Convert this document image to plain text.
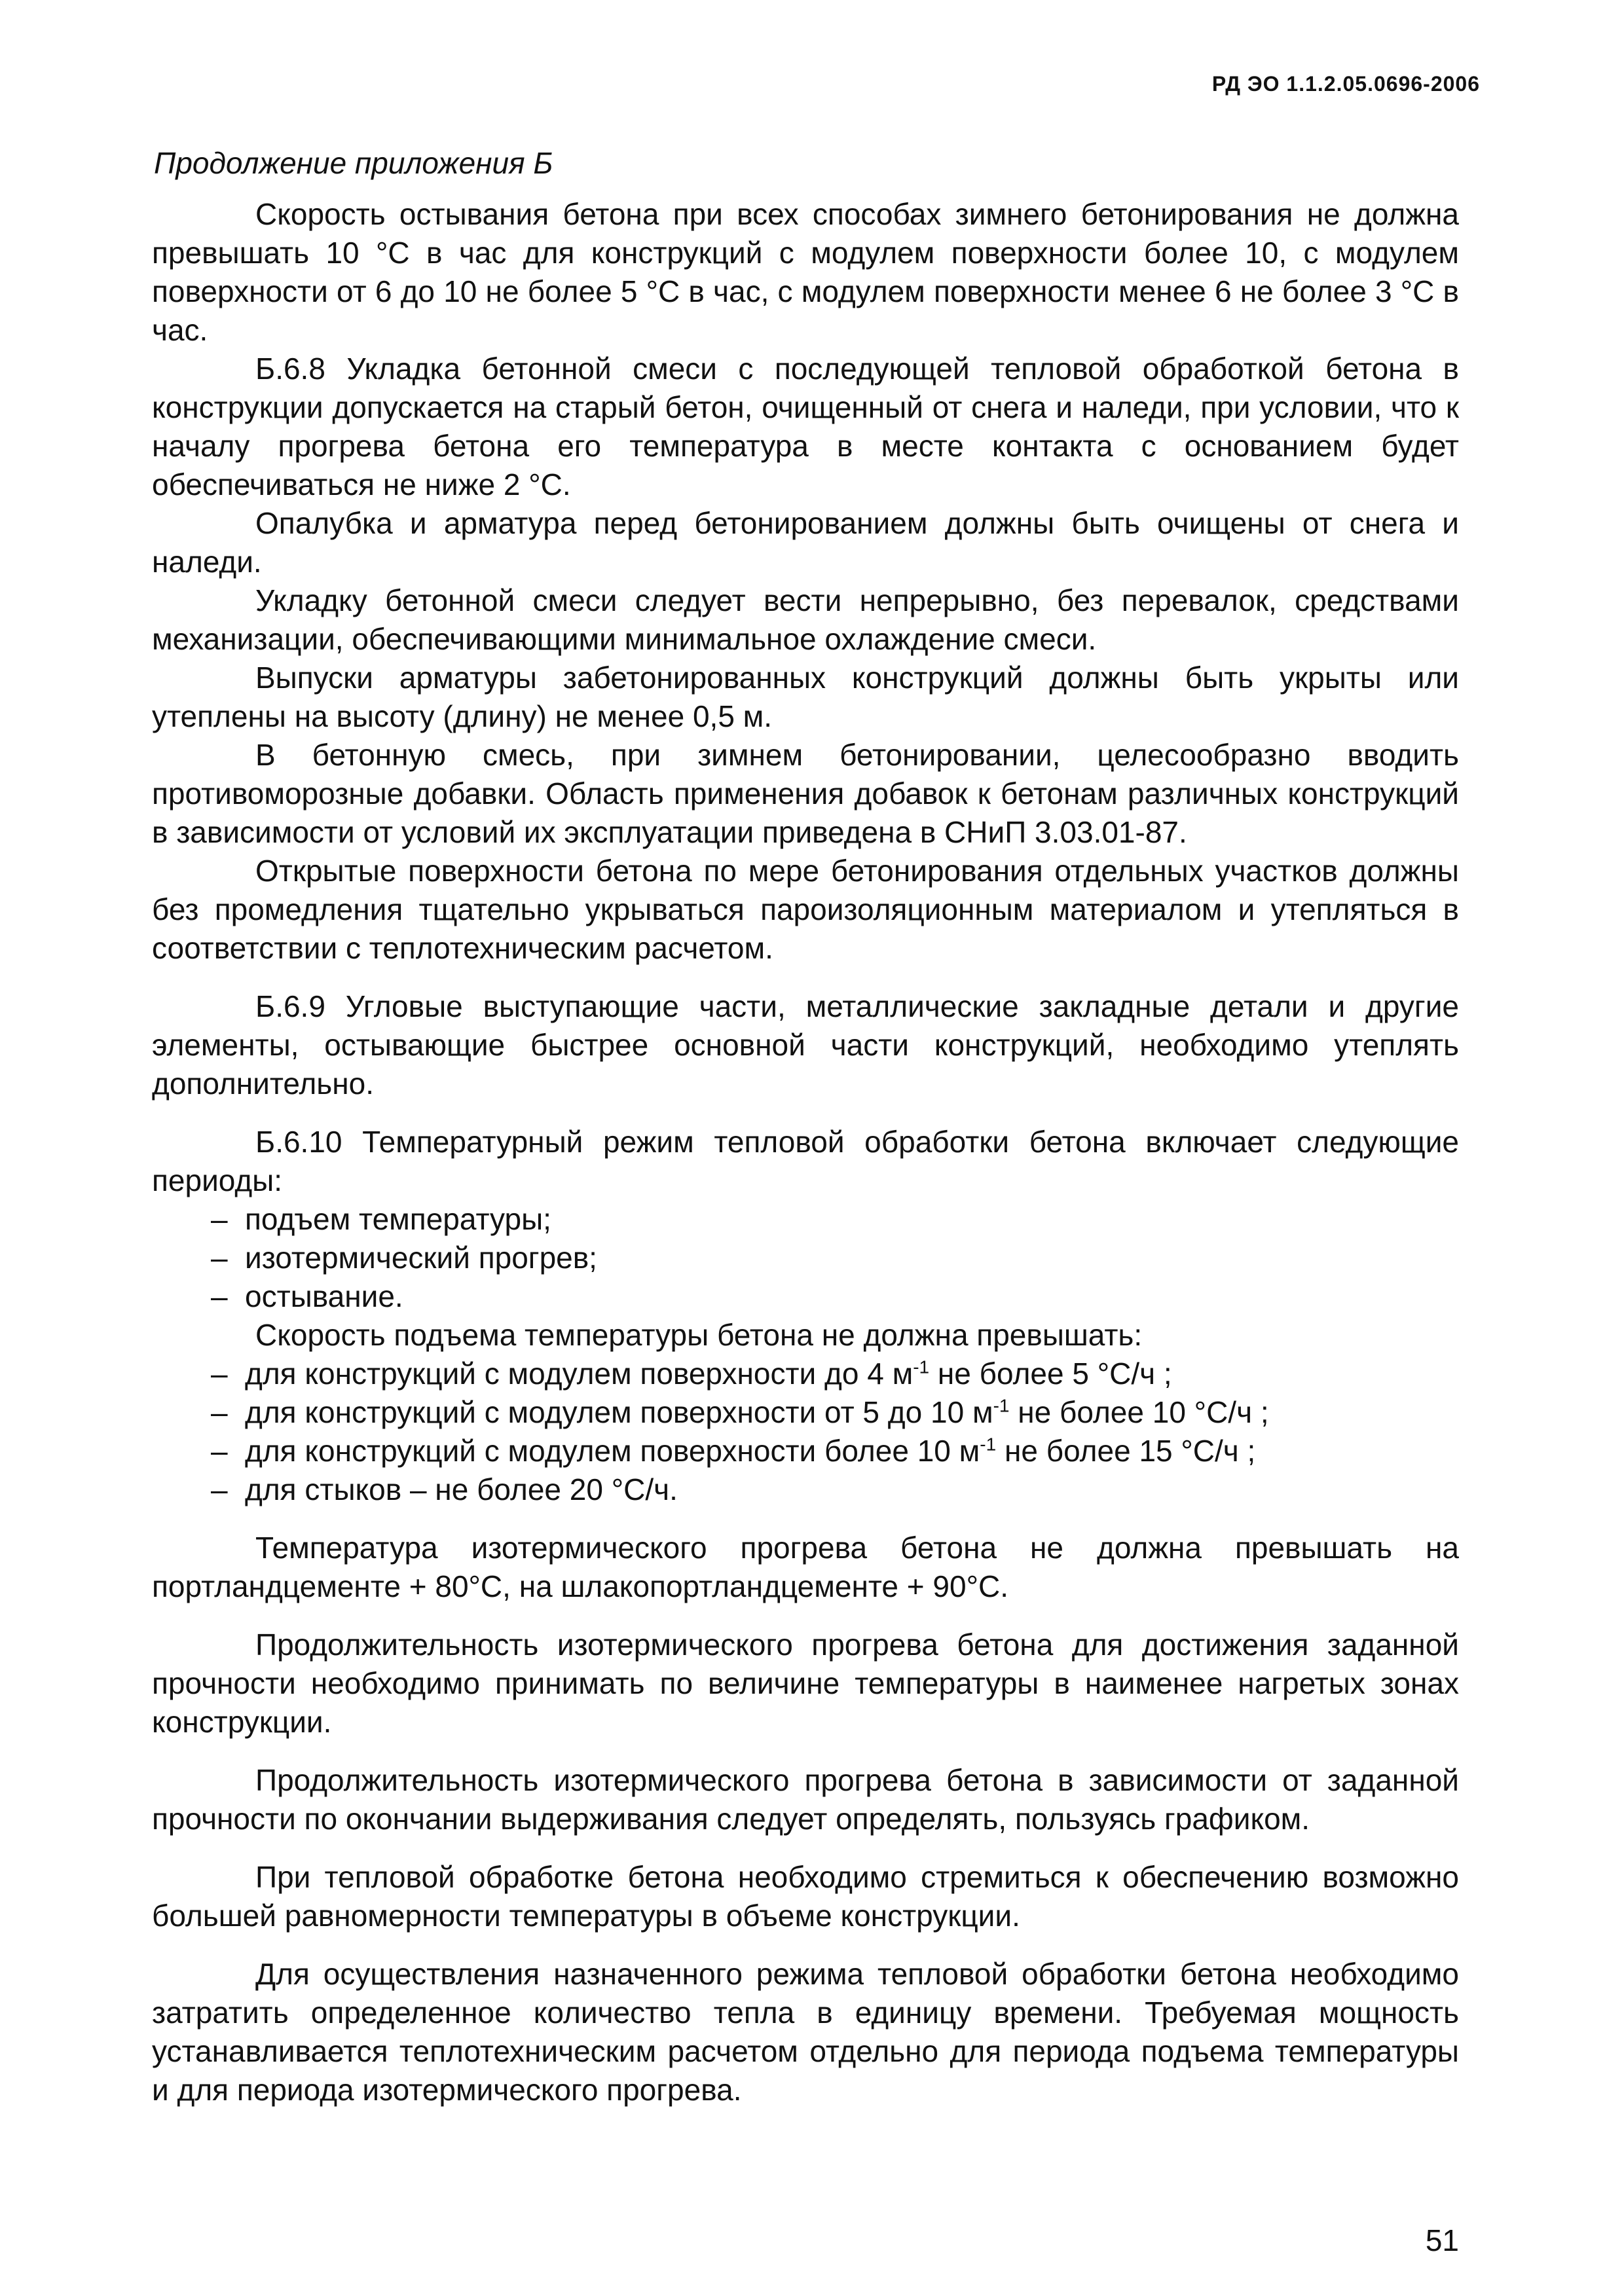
РД ЭО 1.1.2.05.0696-2006
Продолжение приложения Б

Скорость остывания бетона при всех способах зимнего бетонирования не должна превышать 10 °С в час для конструкций с модулем поверхности более 10, с модулем поверхности от 6 до 10 не более 5 °С в час, с модулем поверхности менее 6 не более 3 °С в час.

Б.6.8 Укладка бетонной смеси с последующей тепловой обработкой бетона в конструкции допускается на старый бетон, очищенный от снега и наледи, при условии, что к началу прогрева бетона его температура в месте контакта с основанием будет обеспечиваться не ниже 2 °С.

Опалубка и арматура перед бетонированием должны быть очищены от снега и наледи.

Укладку бетонной смеси следует вести непрерывно, без перевалок, средствами механизации, обеспечивающими минимальное охлаждение смеси.

Выпуски арматуры забетонированных конструкций должны быть укрыты или утеплены на высоту (длину) не менее 0,5 м.

В бетонную смесь, при зимнем бетонировании, целесообразно вводить противоморозные добавки. Область применения добавок к бетонам различных конструкций в зависимости от условий их эксплуатации приведена в СНиП 3.03.01-87.

Открытые поверхности бетона по мере бетонирования отдельных участков должны без промедления тщательно укрываться пароизоляционным материалом и утепляться в соответствии с теплотехническим расчетом.

Б.6.9 Угловые выступающие части, металлические закладные детали и другие элементы, остывающие быстрее основной части конструкций, необходимо утеплять дополнительно.

Б.6.10 Температурный режим тепловой обработки бетона включает следующие периоды:

– подъем температуры;
– изотермический прогрев;
– остывание.

Скорость подъема температуры бетона не должна превышать:

– для конструкций с модулем поверхности до 4 $м^{-1}$ не более 5 °С/ч ;
– для конструкций с модулем поверхности от 5 до 10 $м^{-1}$ не более 10 °С/ч ;
– для конструкций с модулем поверхности более 10 $м^{-1}$ не более 15 °С/ч ;
– для стыков – не более 20 °С/ч.

Температура изотермического прогрева бетона не должна превышать на портландцементе + 80°С, на шлакопортландцементе + 90°С.

Продолжительность изотермического прогрева бетона для достижения заданной прочности необходимо принимать по величине температуры в наименее нагретых зонах конструкции.

Продолжительность изотермического прогрева бетона в зависимости от заданной прочности по окончании выдерживания следует определять, пользуясь графиком.

При тепловой обработке бетона необходимо стремиться к обеспечению возможно большей равномерности температуры в объеме конструкции.

Для осуществления назначенного режима тепловой обработки бетона необходимо затратить определенное количество тепла в единицу времени. Требуемая мощность устанавливается теплотехническим расчетом отдельно для периода подъема температуры и для периода изотермического прогрева.

51
